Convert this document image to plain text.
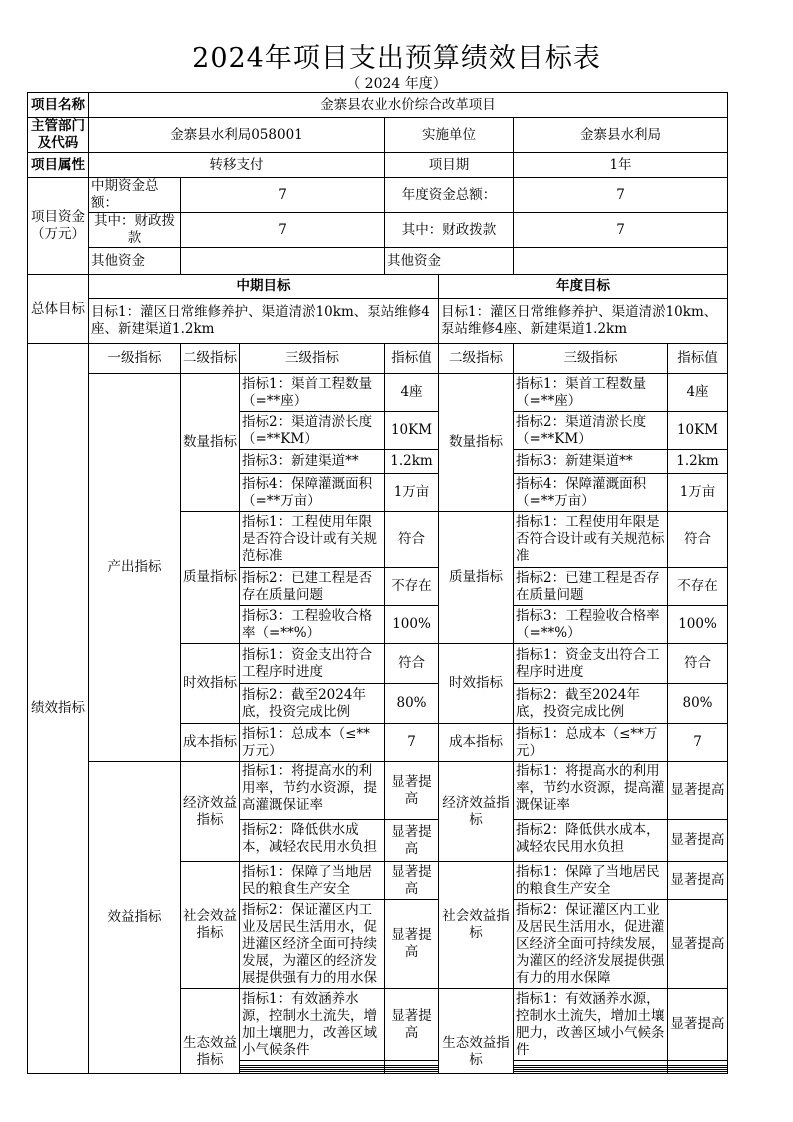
2024年项目支出预算绩效目标表
（ 2024 年度）
项目名称	金寨县农业水价综合改革项目						
主管部门及代码	金寨县水利局058001			实施单位		金寨县水利局	
项目属性	转移支付			项目期		1年	
项目资金（万元）	中期资金总额：	7		年度资金总额：		7	
	其中：财政拨款	7		其中：财政拨款		7	
	其他资金			其他资金			
总体目标	中期目标				年度目标		
	目标1：灌区日常维修养护、渠道清淤10km、泵站维修4座、新建渠道1.2km				目标1：灌区日常维修养护、渠道清淤10km、泵站维修4座、新建渠道1.2km		
绩效指标	一级指标	二级指标	三级指标	指标值	二级指标	三级指标	指标值
	产出指标	数量指标	指标1：渠首工程数量（=**座）	4座	数量指标	指标1：渠首工程数量（=**座）	4座
			指标2：渠道清淤长度（=**KM）	10KM		指标2：渠道清淤长度（=**KM）	10KM
			指标3：新建渠道**	1.2km		指标3：新建渠道**	1.2km
			指标4：保障灌溉面积（=**万亩）	1万亩		指标4：保障灌溉面积（=**万亩）	1万亩
		质量指标	指标1：工程使用年限是否符合设计或有关规范标准	符合	质量指标	指标1：工程使用年限是否符合设计或有关规范标准	符合
			指标2：已建工程是否存在质量问题	不存在		指标2：已建工程是否存在质量问题	不存在
			指标3：工程验收合格率（=**%）	100%		指标3：工程验收合格率（=**%）	100%
		时效指标	指标1：资金支出符合工程序时进度	符合	时效指标	指标1：资金支出符合工程序时进度	符合
			指标2：截至2024年底，投资完成比例	80%		指标2：截至2024年底，投资完成比例	80%
		成本指标	指标1：总成本（≤**万元）	7	成本指标	指标1：总成本（≤**万元）	7
	效益指标	经济效益指标	指标1：将提高水的利用率，节约水资源，提高灌溉保证率	显著提高	经济效益指标	指标1：将提高水的利用率，节约水资源，提高灌溉保证率	显著提高

			指标2：降低供水成本，减轻农民用水负担	显著提高		指标2：降低供水成本，减轻农民用水负担	显著提高
		社会效益指标	指标1：保障了当地居民的粮食生产安全	显著提高	社会效益指标	指标1：保障了当地居民的粮食生产安全	显著提高

			指标2：保证灌区内工业及居民生活用水，促进灌区经济全面可持续发展，为灌区的经济发展提供强有力的用水保	显著提高		指标2：保证灌区内工业及居民生活用水，促进灌区经济全面可持续发展，为灌区的经济发展提供强有力的用水保障	显著提高
		生态效益指标	指标1：有效涵养水源，控制水土流失，增加土壤肥力，改善区域小气候条件	显著提高	生态效益指标	指标1：有效涵养水源，控制水土流失，增加土壤肥力，改善区域小气候条件	显著提高
